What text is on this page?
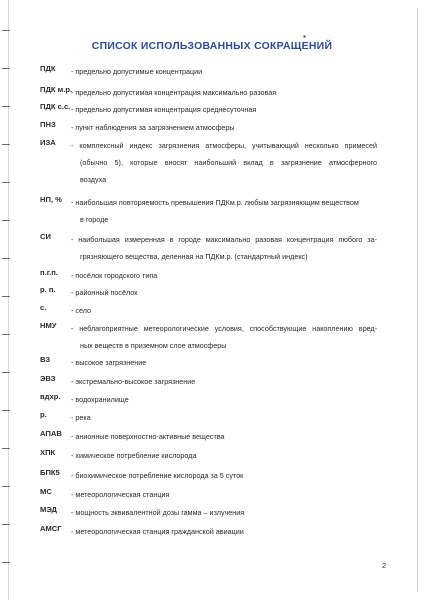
▪
СПИСОК ИСПОЛЬЗОВАННЫХ СОКРАЩЕНИЙ
ПДК - предельно допустимые концентрации
ПДК м.р.
- предельно допустимая концентрация максимально разовая
ПДК с.с. - предельно допустимая концентрация среднесуточная
ПНЗ - пункт наблюдения за загрязнением атмосферы
ИЗА - комплексный индекс загрязнения атмосферы, учитывающий несколько примесей
(обычно 5), которые вносят наибольший вклад в загрязнение атмосферного
воздуха
НП, % - наибольшая повторяемость превышения ПДКм.р. любым загрязняющим веществом
в городе
СИ	- наибольшая измеренная в городе максимально разовая концентрация любого за-
грязняющего вещества, деленная на ПДКм.р. (стандартный индекс)
п.г.п. - посёлок городского типа
р. п. - районный посёлок
с.	- село
НМУ - неблагоприятные метеорологические условия, способствующие накоплению вред-
ных веществ в приземном слое атмосферы
ВЗ	- высокое загрязнение
ЭВЗ - экстремально-высокое загрязнение
вдхр. - водохранилище
р.	- река
АПАВ - анионные поверхностно-активные вещества
ХПК - химическое потребление кислорода
БПК5 - биохимическое потребление кислорода за 5 суток
МС	- метеорологическая станция
МЭД - мощность эквивалентной дозы гамма – излучения
АМСГ - метеорологическая станция гражданской авиации
2
